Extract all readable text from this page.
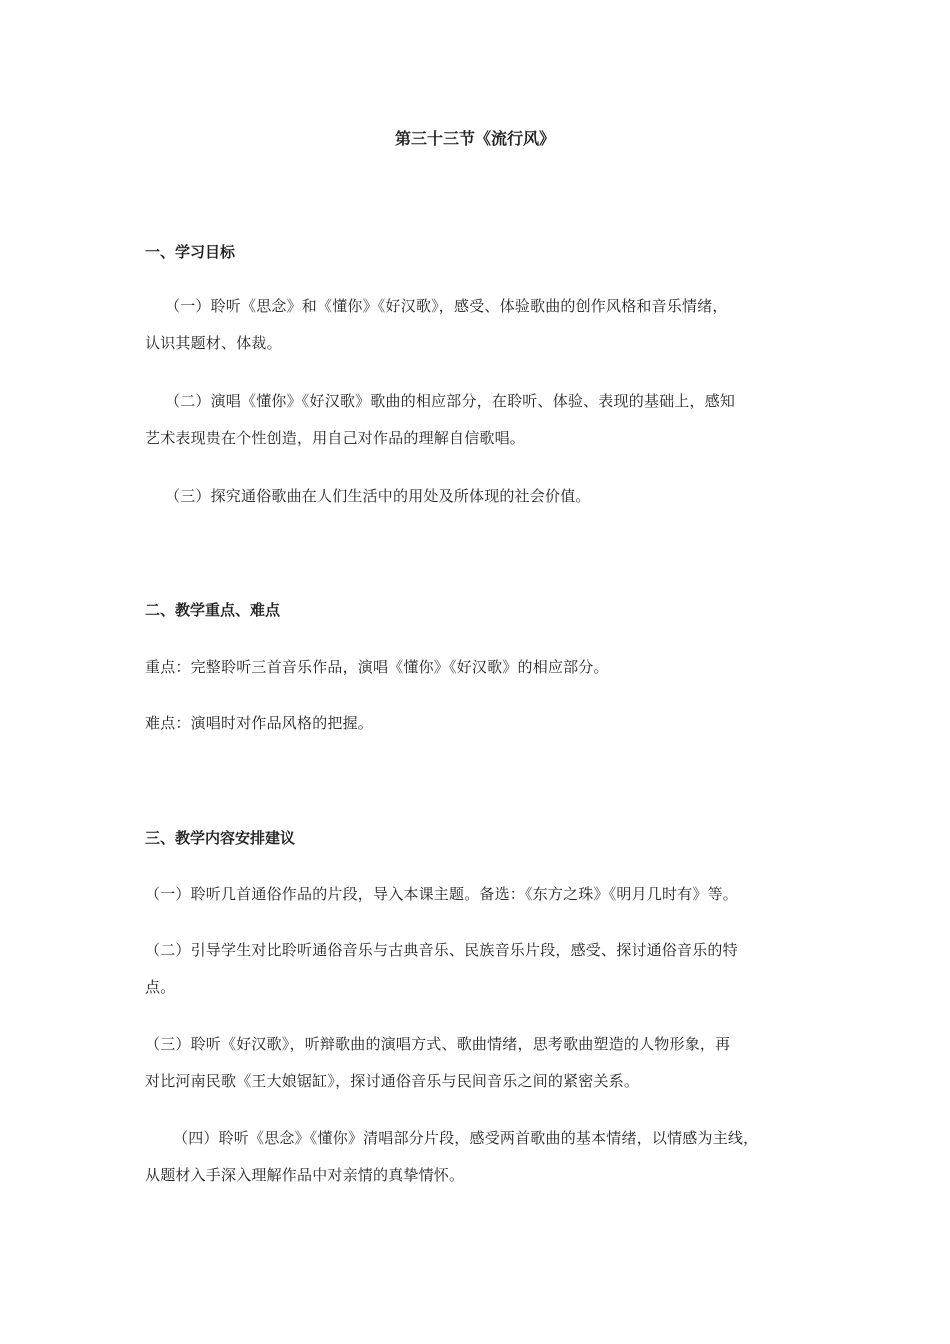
第三十三节《流行风》
一、学习目标
（一）聆听《思念》和《懂你》《好汉歌》，感受、体验歌曲的创作风格和音乐情绪，
认识其题材、体裁。
（二）演唱《懂你》《好汉歌》歌曲的相应部分，在聆听、体验、表现的基础上，感知
艺术表现贵在个性创造，用自己对作品的理解自信歌唱。
（三）探究通俗歌曲在人们生活中的用处及所体现的社会价值。
二、教学重点、难点
重点：完整聆听三首音乐作品，演唱《懂你》《好汉歌》的相应部分。
难点：演唱时对作品风格的把握。
三、教学内容安排建议
（一）聆听几首通俗作品的片段，导入本课主题。备选：《东方之珠》《明月几时有》等。
（二）引导学生对比聆听通俗音乐与古典音乐、民族音乐片段，感受、探讨通俗音乐的特
点。
（三）聆听《好汉歌》，听辩歌曲的演唱方式、歌曲情绪，思考歌曲塑造的人物形象，再
对比河南民歌《王大娘锯缸》，探讨通俗音乐与民间音乐之间的紧密关系。
（四）聆听《思念》《懂你》清唱部分片段，感受两首歌曲的基本情绪，以情感为主线，
从题材入手深入理解作品中对亲情的真挚情怀。
